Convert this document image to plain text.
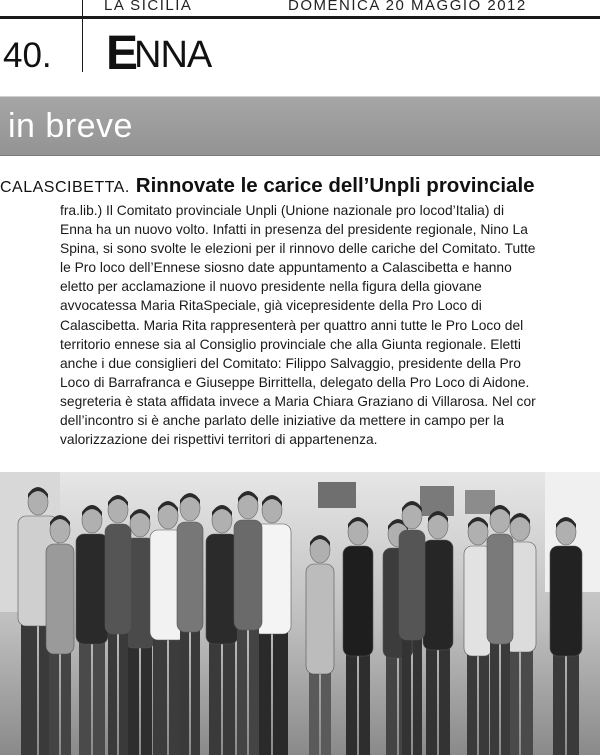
LA SICILIA	DOMENICA 20 MAGGIO 2012
40. ENNA
in breve
CALASCIBETTA. Rinnovate le carice dell’Unpli provinciale
fra.lib.) Il Comitato provinciale Unpli (Unione nazionale pro locod’Italia) di
Enna ha un nuovo volto. Infatti in presenza del presidente regionale, Nino La
Spina, si sono svolte le elezioni per il rinnovo delle cariche del Comitato. Tutte
le Pro loco dell’Ennese siosno date appuntamento a Calascibetta e hanno
eletto per acclamazione il nuovo presidente nella figura della giovane
avvocatessa Maria RitaSpeciale, già vicepresidente della Pro Loco di
Calascibetta. Maria Rita rappresenterà per quattro anni tutte le Pro Loco del
territorio ennese sia al Consiglio provinciale che alla Giunta regionale. Eletti
anche i due consiglieri del Comitato: Filippo Salvaggio, presidente della Pro
Loco di Barrafranca e Giuseppe Birrittella, delegato della Pro Loco di Aidone.
segreteria è stata affidata invece a Maria Chiara Graziano di Villarosa. Nel cor
dell’incontro si è anche parlato delle iniziative da mettere in campo per la
valorizzazione dei rispettivi territori di appartenenza.
